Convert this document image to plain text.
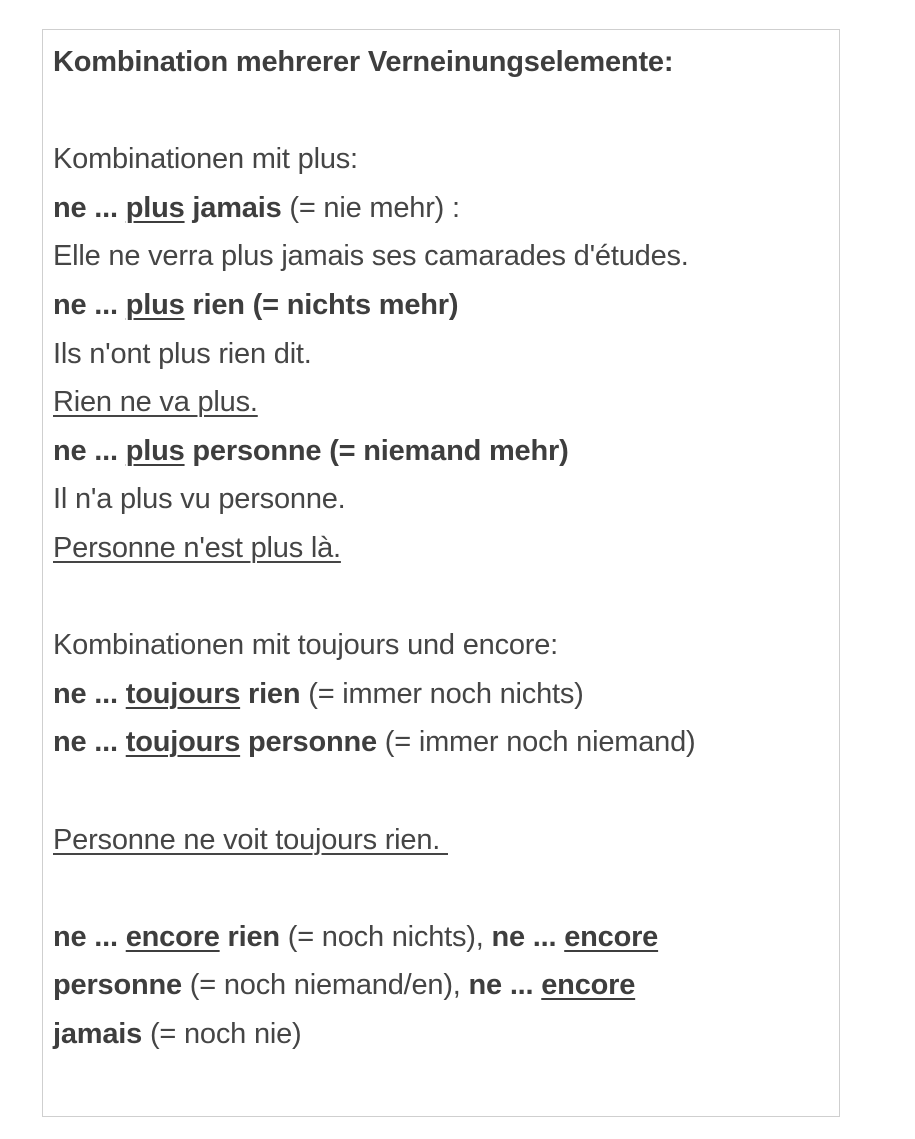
Kombination mehrerer Verneinungselemente:
Kombinationen mit plus:
ne ... plus jamais (= nie mehr) :
Elle ne verra plus jamais ses camarades d'études.
ne ... plus rien (= nichts mehr)
Ils n'ont plus rien dit.
Rien ne va plus.
ne ... plus personne (= niemand mehr)
Il n'a plus vu personne.
Personne n'est plus là.
Kombinationen mit toujours und encore:
ne ... toujours rien (= immer noch nichts)
ne ... toujours personne (= immer noch niemand)
Personne ne voit toujours rien.
ne ... encore rien (= noch nichts), ne ... encore
personne (= noch niemand/en), ne ... encore
jamais (= noch nie)
